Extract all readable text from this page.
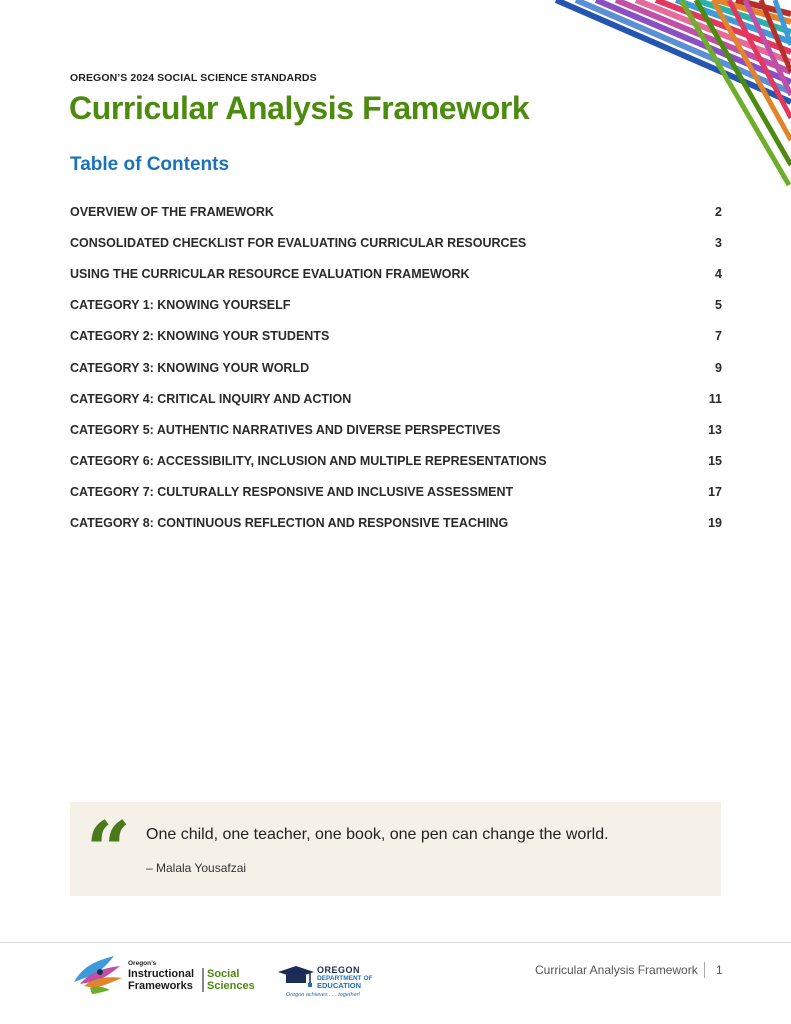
OREGON’S 2024 SOCIAL SCIENCE STANDARDS
Curricular Analysis Framework
Table of Contents
OVERVIEW OF THE FRAMEWORK	2
CONSOLIDATED CHECKLIST FOR EVALUATING CURRICULAR RESOURCES	3
USING THE CURRICULAR RESOURCE EVALUATION FRAMEWORK	4
CATEGORY 1: KNOWING YOURSELF	5
CATEGORY 2: KNOWING YOUR STUDENTS	7
CATEGORY 3: KNOWING YOUR WORLD	9
CATEGORY 4: CRITICAL INQUIRY AND ACTION	11
CATEGORY 5: AUTHENTIC NARRATIVES AND DIVERSE PERSPECTIVES	13
CATEGORY 6: ACCESSIBILITY, INCLUSION AND MULTIPLE REPRESENTATIONS	15
CATEGORY 7: CULTURALLY RESPONSIVE AND INCLUSIVE ASSESSMENT	17
CATEGORY 8: CONTINUOUS REFLECTION AND RESPONSIVE TEACHING	19
“ One child, one teacher, one book, one pen can change the world.
– Malala Yousafzai
Oregon’s
Instructional
Frameworks
Social
Sciences
OREGON
DEPARTMENT OF
EDUCATION
Oregon achieves . . . together!
Curricular Analysis Framework 1
